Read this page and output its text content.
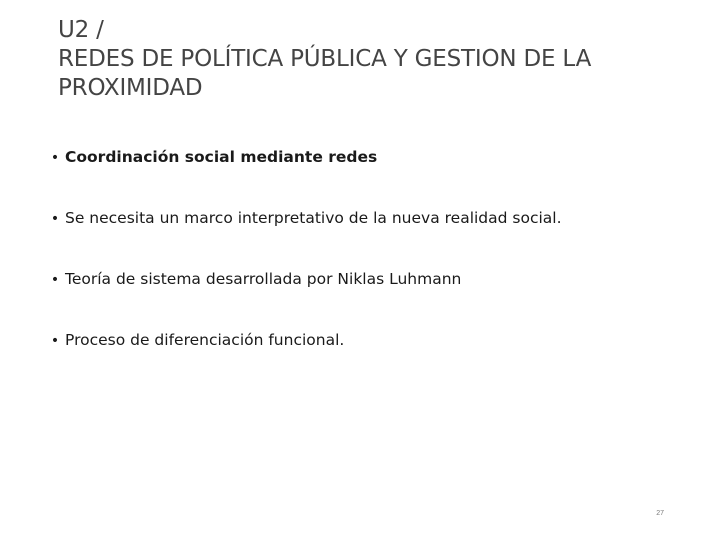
U2 /
REDES DE POLÍTICA PÚBLICA Y GESTION DE LA
PROXIMIDAD
• Coordinación social mediante redes
• Se necesita un marco interpretativo de la nueva realidad social.
• Teoría de sistema desarrollada por Niklas Luhmann
• Proceso de diferenciación funcional.
27
